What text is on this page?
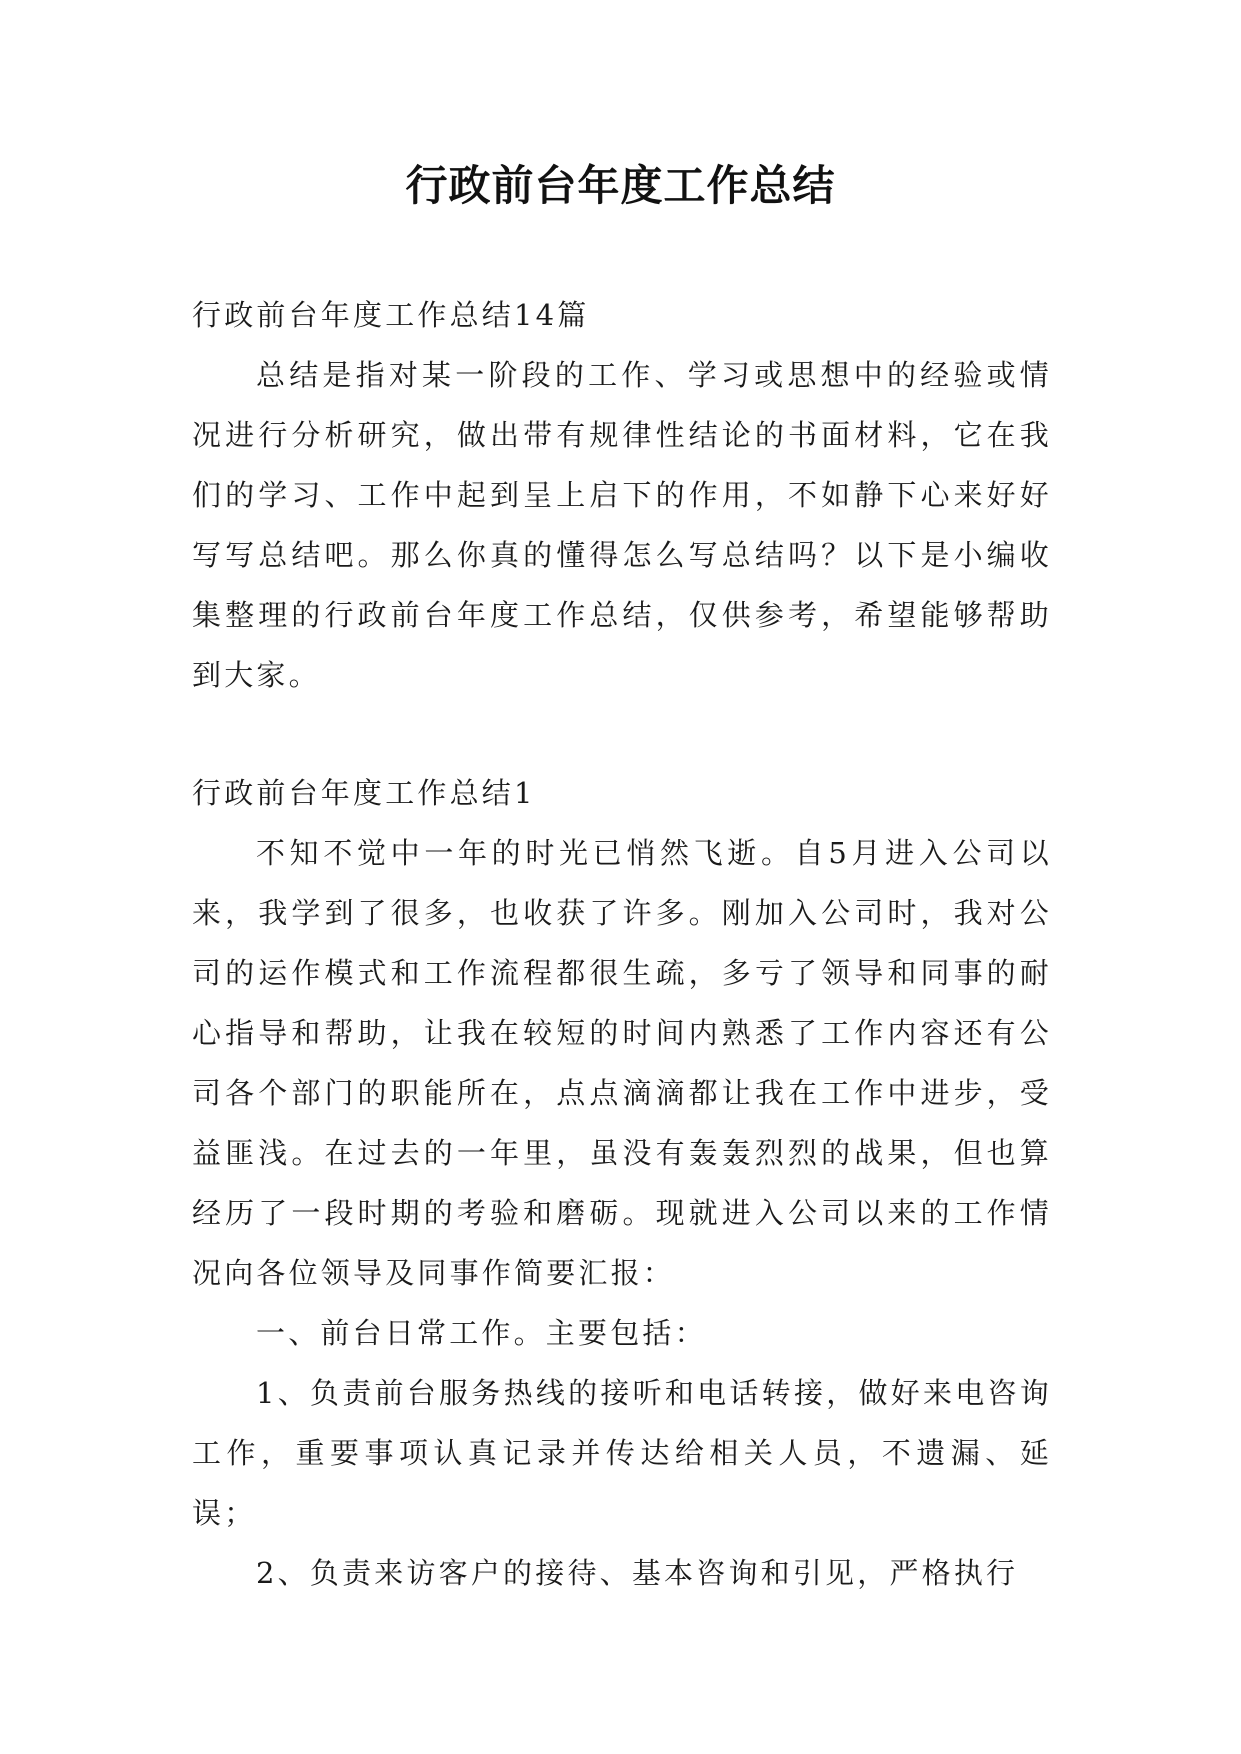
行政前台年度工作总结

行政前台年度工作总结14篇

总结是指对某一阶段的工作、学习或思想中的经验或情况进行分析研究，做出带有规律性结论的书面材料，它在我们的学习、工作中起到呈上启下的作用，不如静下心来好好写写总结吧。那么你真的懂得怎么写总结吗？以下是小编收集整理的行政前台年度工作总结，仅供参考，希望能够帮助到大家。

行政前台年度工作总结1

不知不觉中一年的时光已悄然飞逝。自5月进入公司以来，我学到了很多，也收获了许多。刚加入公司时，我对公司的运作模式和工作流程都很生疏，多亏了领导和同事的耐心指导和帮助，让我在较短的时间内熟悉了工作内容还有公司各个部门的职能所在，点点滴滴都让我在工作中进步，受益匪浅。在过去的一年里，虽没有轰轰烈烈的战果，但也算经历了一段时期的考验和磨砺。现就进入公司以来的工作情况向各位领导及同事作简要汇报：

一、前台日常工作。主要包括：

1、负责前台服务热线的接听和电话转接，做好来电咨询工作，重要事项认真记录并传达给相关人员，不遗漏、延误；

2、负责来访客户的接待、基本咨询和引见，严格执行
